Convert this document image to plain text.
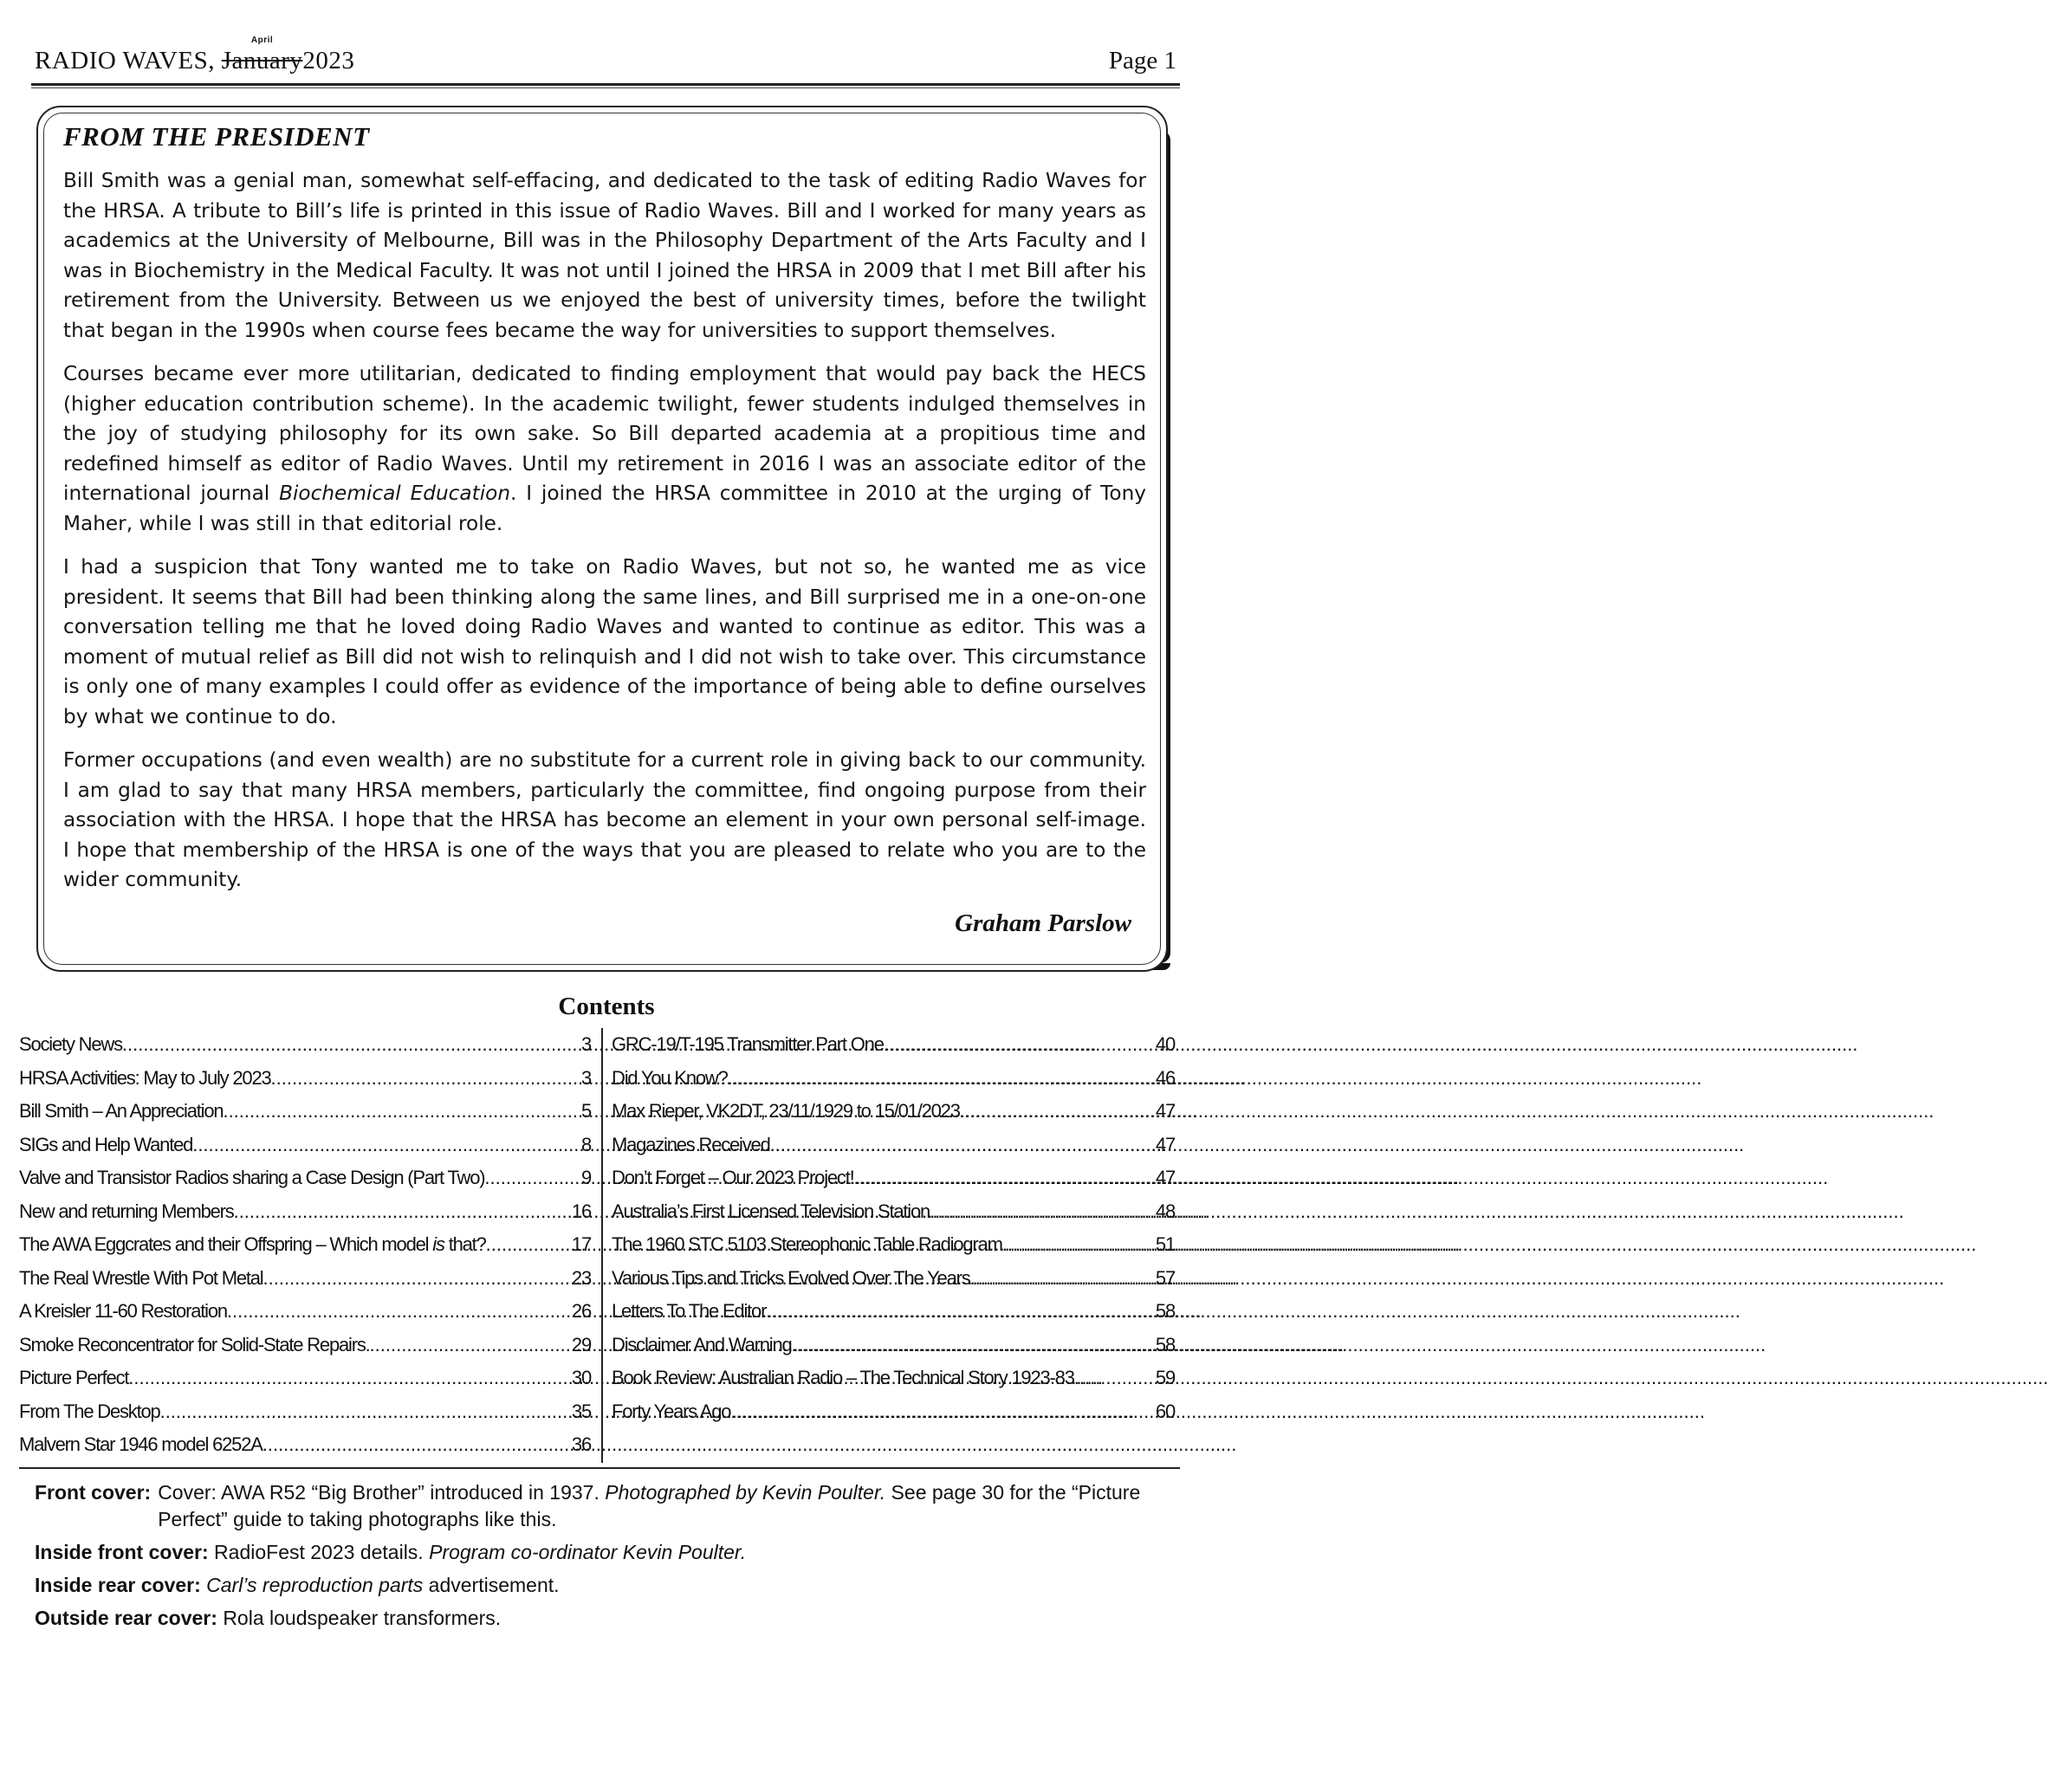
RADIO WAVES,
April
January2023	Page 1
FROM THE PRESIDENT

Bill Smith was a genial man, somewhat self-effacing, and dedicated to the task of editing Radio Waves for the HRSA. A tribute to Bill’s life is printed in this issue of Radio Waves. Bill and I worked for many years as academics at the University of Melbourne, Bill was in the Philosophy Department of the Arts Faculty and I was in Biochemistry in the Medical Faculty. It was not until I joined the HRSA in 2009 that I met Bill after his retirement from the University. Between us we enjoyed the best of university times, before the twilight that began in the 1990s when course fees became the way for universities to support themselves.

Courses became ever more utilitarian, dedicated to finding employment that would pay back the HECS (higher education contribution scheme). In the academic twilight, fewer students indulged themselves in the joy of studying philosophy for its own sake. So Bill departed academia at a propitious time and redefined himself as editor of Radio Waves. Until my retirement in 2016 I was an associate editor of the international journal Biochemical Education. I joined the HRSA committee in 2010 at the urging of Tony Maher, while I was still in that editorial role.

I had a suspicion that Tony wanted me to take on Radio Waves, but not so, he wanted me as vice president. It seems that Bill had been thinking along the same lines, and Bill surprised me in a one-on-one conversation telling me that he loved doing Radio Waves and wanted to continue as editor. This was a moment of mutual relief as Bill did not wish to relinquish and I did not wish to take over. This circumstance is only one of many examples I could offer as evidence of the importance of being able to define ourselves by what we continue to do.

Former occupations (and even wealth) are no substitute for a current role in giving back to our community. I am glad to say that many HRSA members, particularly the committee, find ongoing purpose from their association with the HRSA. I hope that the HRSA has become an element in your own personal self-image. I hope that membership of the HRSA is one of the ways that you are pleased to relate who you are to the wider community.

Graham Parslow
Contents
Society News .....	3
HRSA Activities: May to July 2023 .....	3
Bill Smith – An Appreciation .....	5
SIGs and Help Wanted .....	8
Valve and Transistor Radios sharing a Case Design (Part Two) .....	9
New and returning Members .....	16
The AWA Eggcrates and their Offspring – Which model is that? .....	17
The Real Wrestle With Pot Metal .....	23
A Kreisler 11-60 Restoration .....	26
Smoke Reconcentrator for Solid-State Repairs. .....	29
Picture Perfect .....	30
From The Desktop .....	35
Malvern Star 1946 model 6252A .....	36
GRC-19/T-195 Transmitter Part One .....	40
Did You Know? .....	46
Max Rieper, VK2DT, 23/11/1929 to 15/01/2023 .....	47
Magazines Received .....	47
Don’t Forget – Our 2023 Project! .....	47
Australia’s First Licensed Television Station .....	48
The 1960 STC 5103 Stereophonic Table Radiogram .....	51
Various Tips and Tricks Evolved Over The Years .....	57
Letters To The Editor .....	58
Disclaimer And Warning .....	58
Book Review: Australian Radio – The Technical Story 1923-83 .....	59
Forty Years Ago .....	60
Front cover: Cover: AWA R52 “Big Brother” introduced in 1937. Photographed by Kevin Poulter. See page 30 for the “Picture Perfect” guide to taking photographs like this.
Inside front cover: RadioFest 2023 details. Program co-ordinator Kevin Poulter.
Inside rear cover: Carl’s reproduction parts advertisement.
Outside rear cover: Rola loudspeaker transformers.
